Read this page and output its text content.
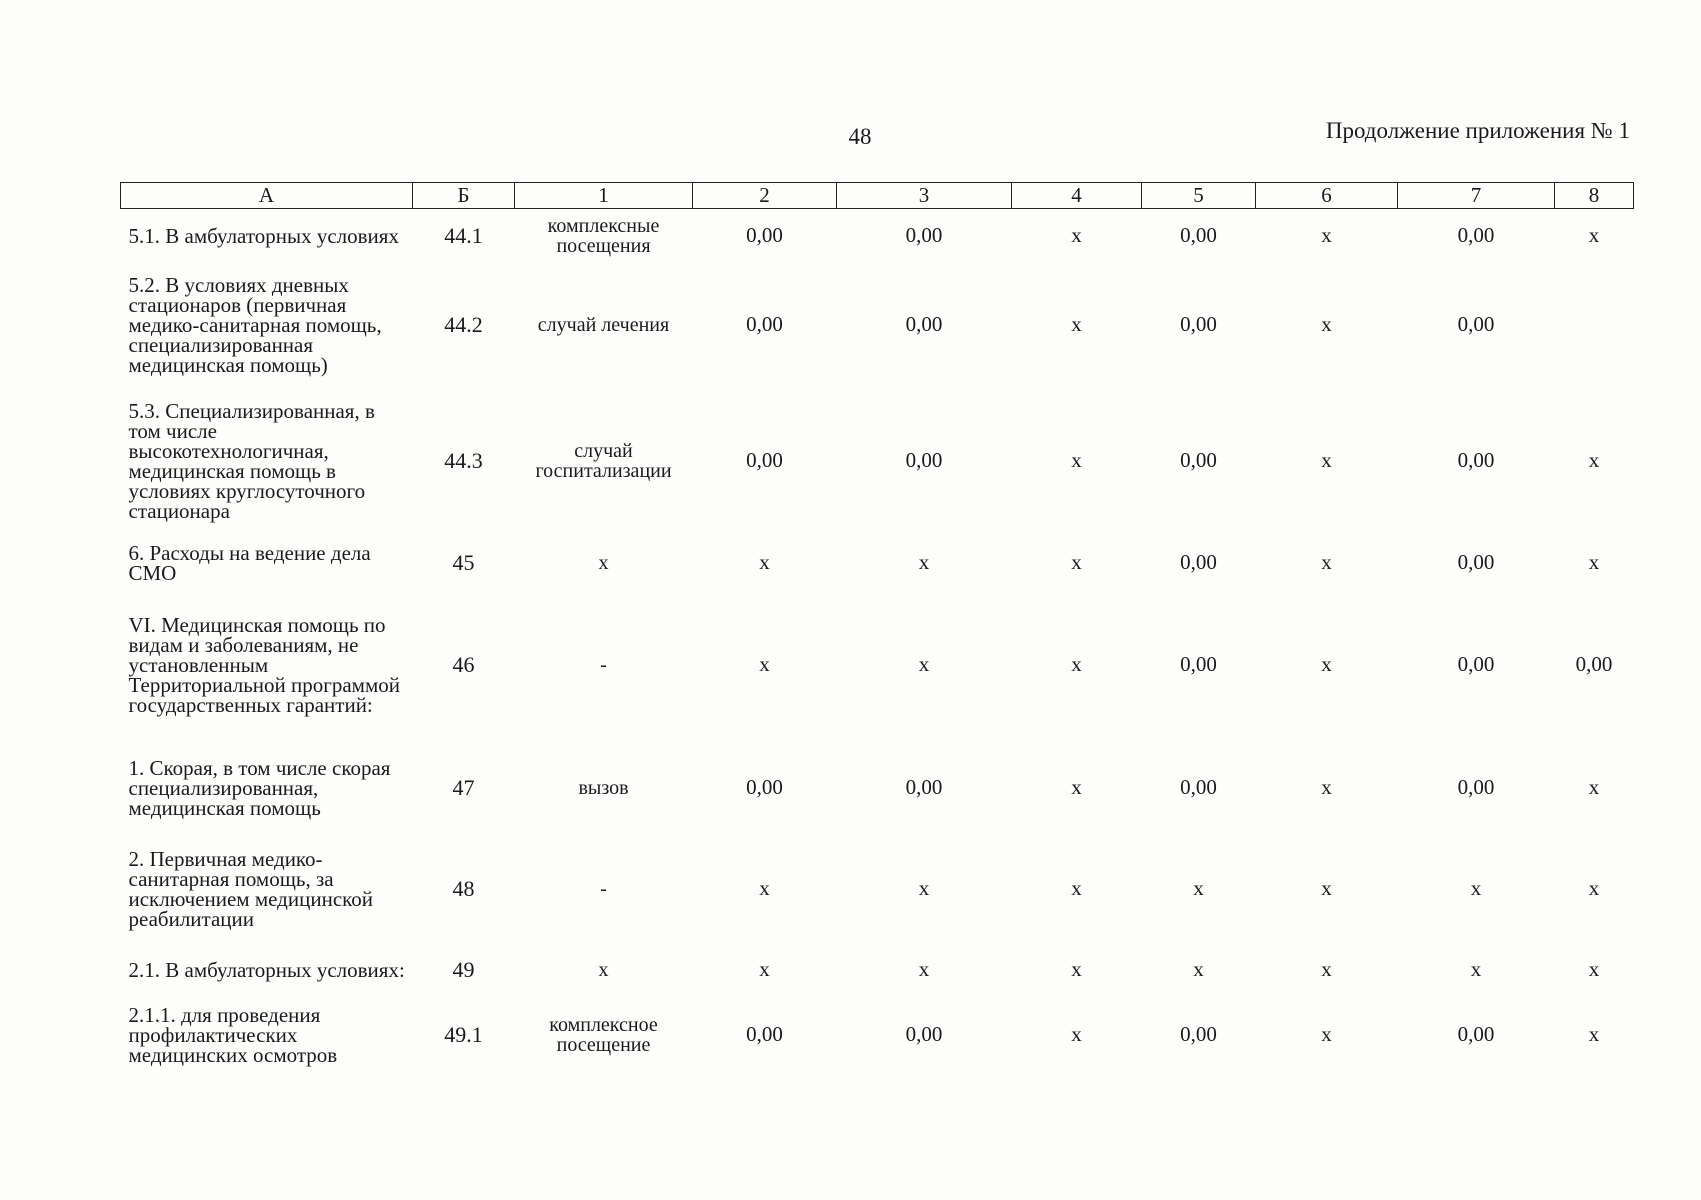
48	Продолжение приложения № 1
А	Б	1	2	3	4	5	6	7	8
5.1. В амбулаторных условиях	44.1	комплексные посещения	0,00	0,00	х	0,00	х	0,00	х
5.2. В условиях дневных стационаров (первичная медико-санитарная помощь, специализированная медицинская помощь)	44.2	случай лечения	0,00	0,00	х	0,00	х	0,00	
5.3. Специализированная, в том числе высокотехнологичная, медицинская помощь в условиях круглосуточного стационара	44.3	случай госпитализации	0,00	0,00	х	0,00	х	0,00	х
6. Расходы на ведение дела СМО	45	х	х	х	х	0,00	х	0,00	х
VI. Медицинская помощь по видам и заболеваниям, не установленным Территориальной программой государственных гарантий:	46	-	х	х	х	0,00	х	0,00	0,00
1. Скорая, в том числе скорая специализированная, медицинская помощь	47	вызов	0,00	0,00	х	0,00	х	0,00	х
2. Первичная медико-санитарная помощь, за исключением медицинской реабилитации	48	-	х	х	х	х	х	х	х
2.1. В амбулаторных условиях:	49	х	х	х	х	х	х	х	х
2.1.1. для проведения профилактических медицинских осмотров	49.1	комплексное посещение	0,00	0,00	х	0,00	х	0,00	х
